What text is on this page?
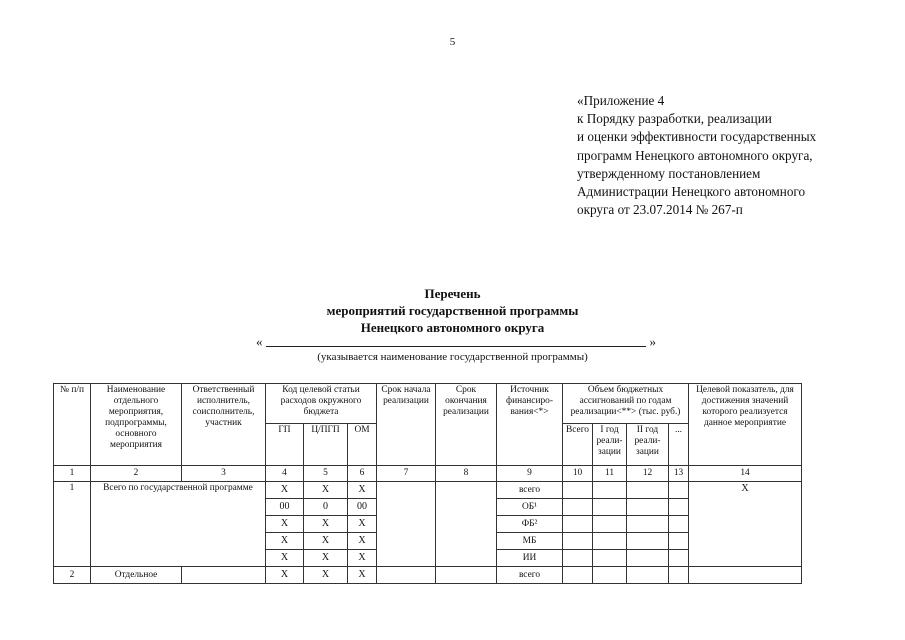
5
«Приложение 4
к Порядку разработки, реализации
и оценки эффективности государственных
программ Ненецкого автономного округа,
утвержденному постановлением
Администрации Ненецкого автономного
округа от 23.07.2014 № 267-п
Перечень
мероприятий государственной программы
Ненецкого автономного округа
«	»
(указывается наименование государственной программы)
№ п/п	Наименование отдельного мероприятия, подпрограммы, основного мероприятия	Ответственный исполнитель, соисполнитель, участник	Код целевой статьи расходов окружного бюджета			Срок начала реализации	Срок окончания реализации	Источник финансиро-вания<*>	Объем бюджетных ассигнований по годам реализации<**> (тыс. руб.)				Целевой показатель, для достижения значений которого реализуется данное мероприятие
			ГП	Ц/ПГП	ОМ				Всего	I год реали-зации	II год реали-зации	...	
1	2	3	4	5	6	7	8	9	10	11	12	13	14
1	Всего по государственной программе		X	X	X			всего					X
			00	0	00			ОБ¹					
			X	X	X			ФБ²					
			X	X	X			МБ					
			X	X	X			ИИ					
2	Отдельное		X	X	X			всего					
